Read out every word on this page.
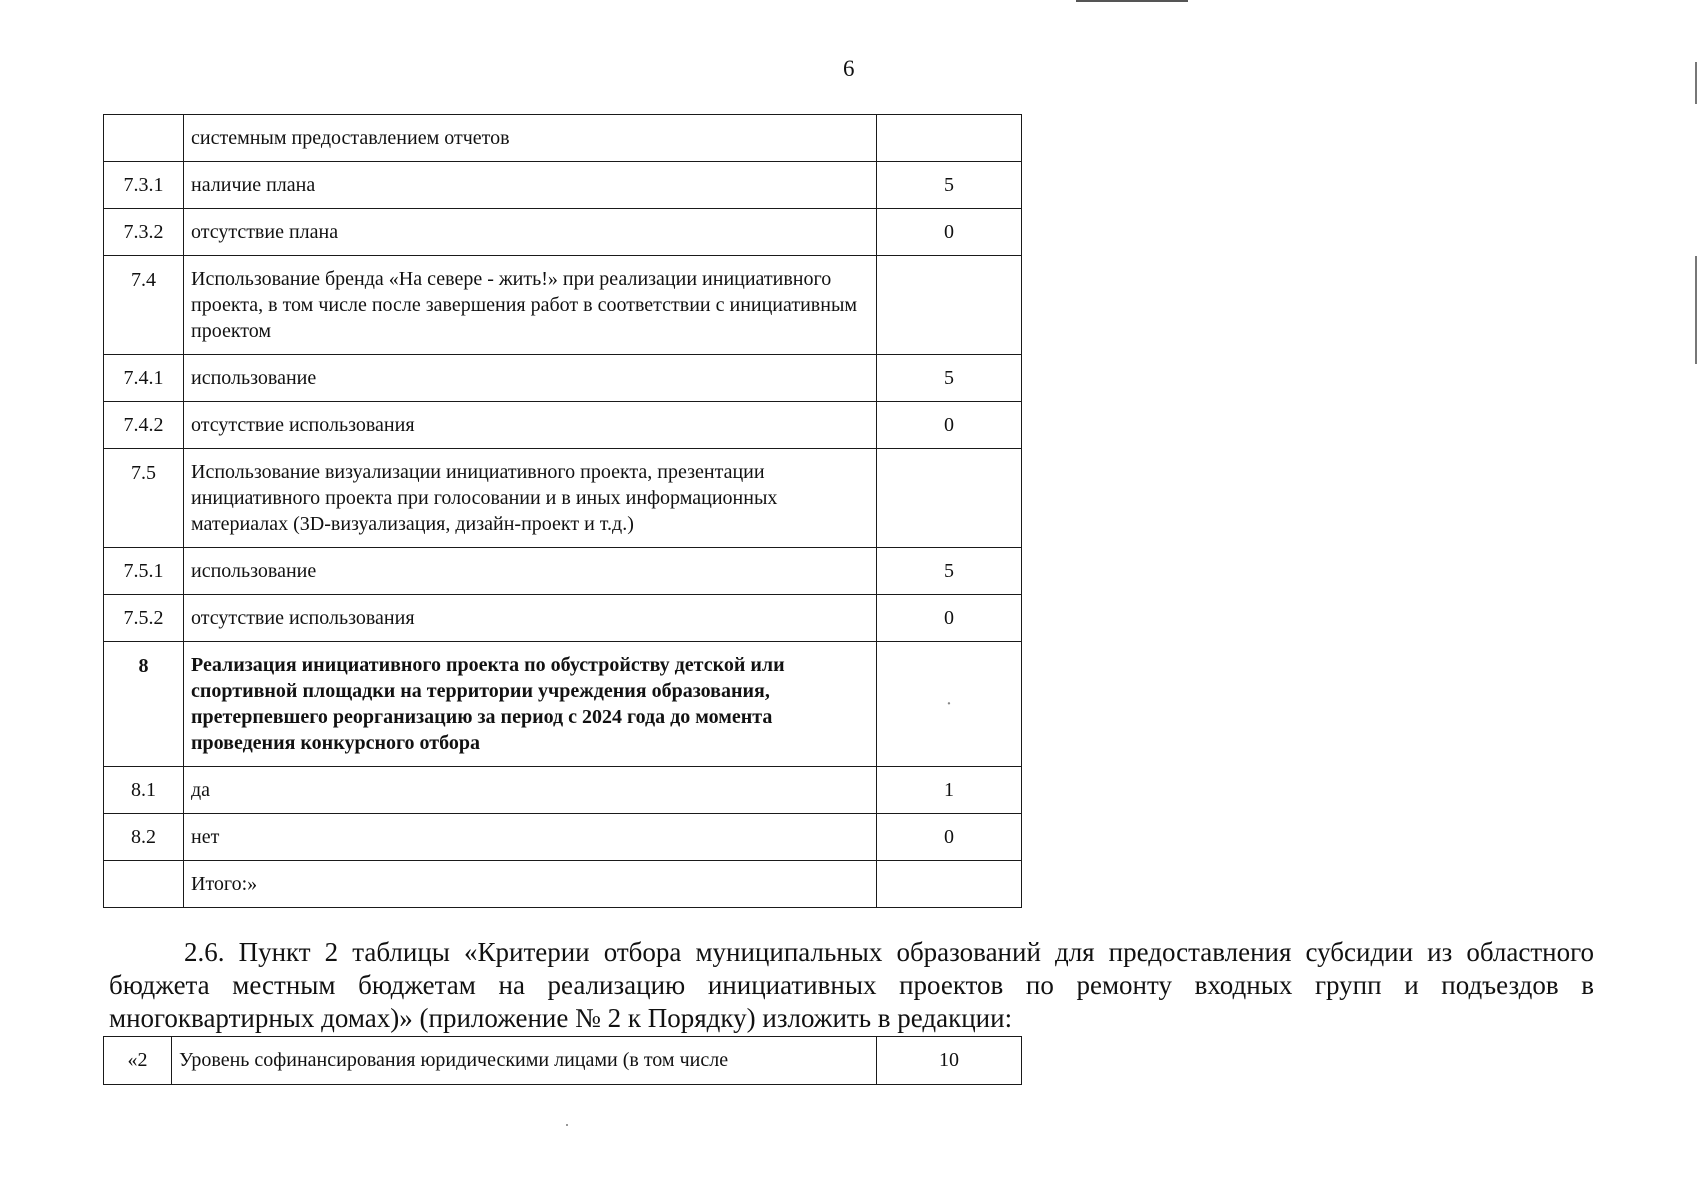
6
	системным предоставлением отчетов	
7.3.1	наличие плана	5
7.3.2	отсутствие плана	0
7.4	Использование бренда «На севере - жить!» при реализации инициативного проекта, в том числе после завершения работ в соответствии с инициативным проектом	
7.4.1	использование	5
7.4.2	отсутствие использования	0
7.5	Использование визуализации инициативного проекта, презентации инициативного проекта при голосовании и в иных информационных материалах (3D-визуализация, дизайн-проект и т.д.)	
7.5.1	использование	5
7.5.2	отсутствие использования	0
8	Реализация инициативного проекта по обустройству детской или спортивной площадки на территории учреждения образования, претерпевшего реорганизацию за период с 2024 года до момента проведения конкурсного отбора	·
8.1	да	1
8.2	нет	0
	Итого:»	
2.6. Пункт 2 таблицы «Критерии отбора муниципальных образований для предоставления субсидии из областного бюджета местным бюджетам на реализацию инициативных проектов по ремонту входных групп и подъездов в многоквартирных домах)» (приложение № 2 к Порядку) изложить в редакции:
«2	Уровень софинансирования юридическими лицами (в том числе	10
